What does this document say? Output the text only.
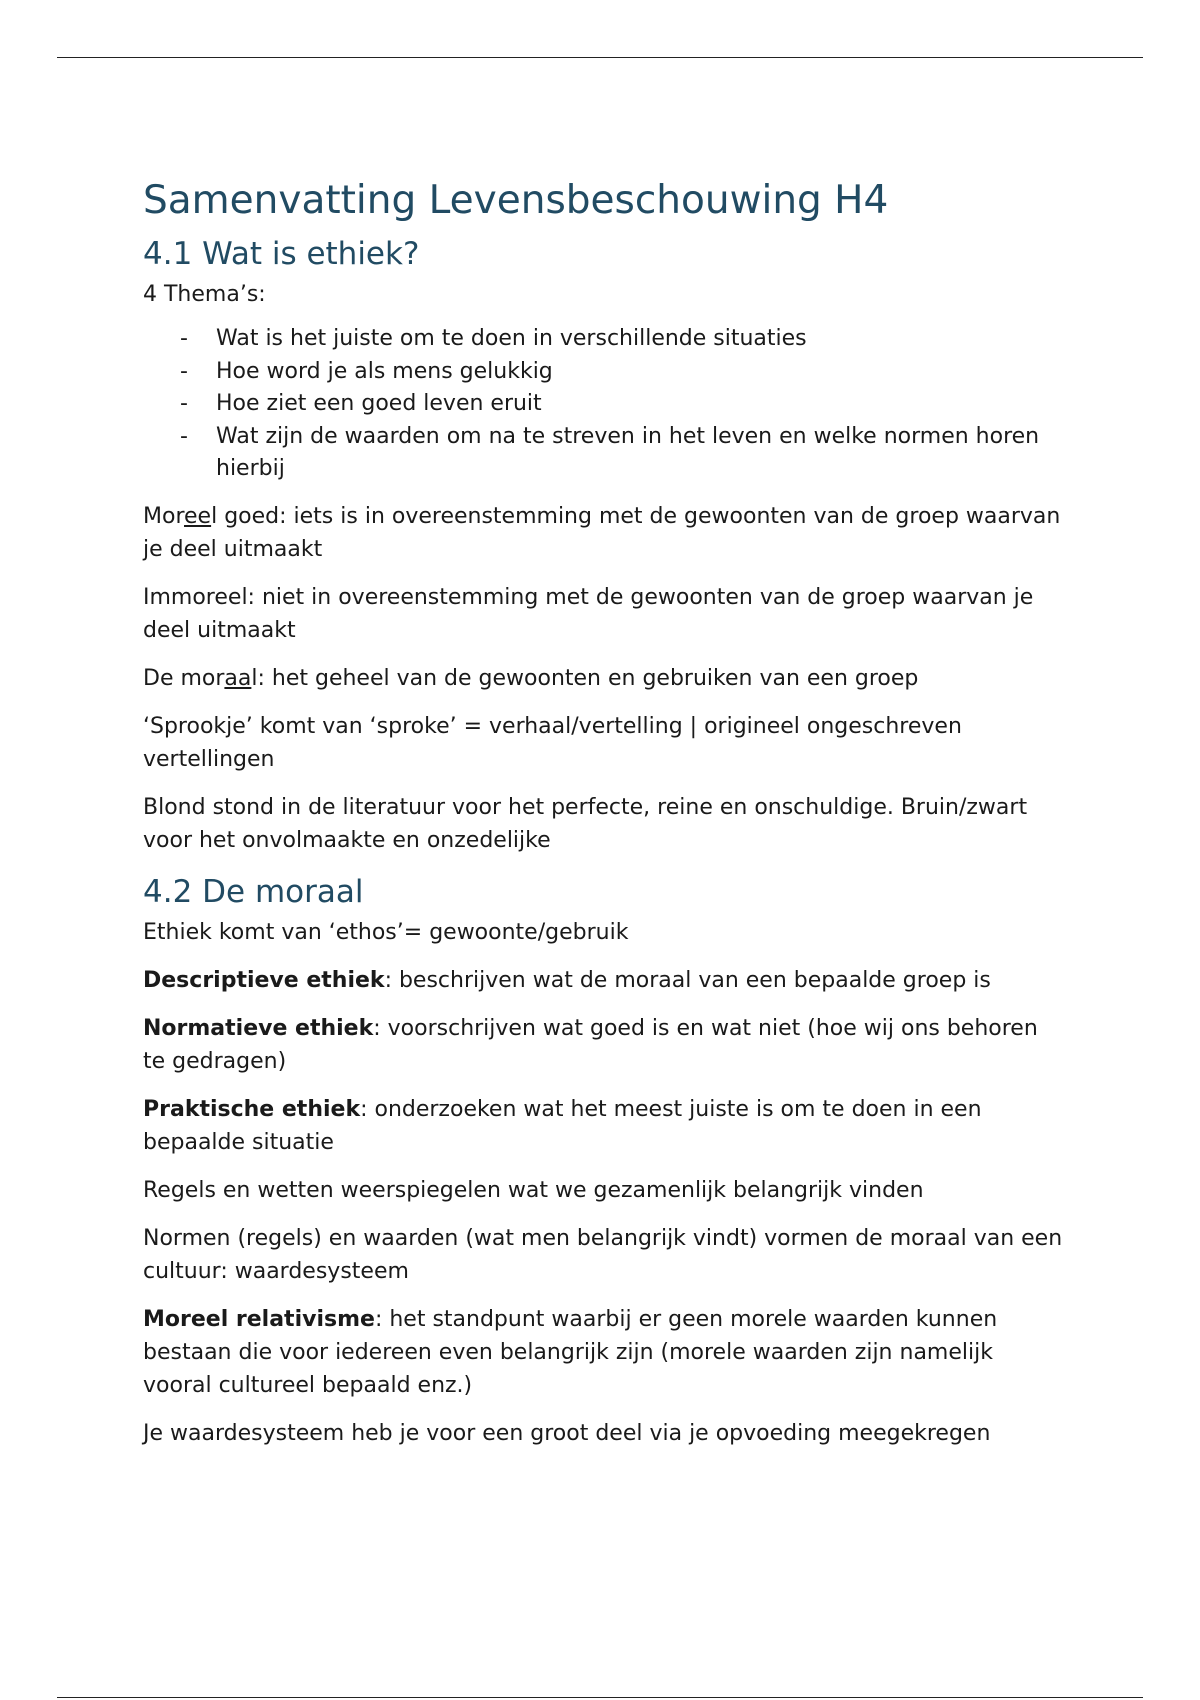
Samenvatting Levensbeschouwing H4
4.1 Wat is ethiek?

4 Thema’s:

- Wat is het juiste om te doen in verschillende situaties
- Hoe word je als mens gelukkig
- Hoe ziet een goed leven eruit
- Wat zijn de waarden om na te streven in het leven en welke normen horen hierbij

Moreel goed: iets is in overeenstemming met de gewoonten van de groep waarvan je deel uitmaakt

Immoreel: niet in overeenstemming met de gewoonten van de groep waarvan je deel uitmaakt

De moraal: het geheel van de gewoonten en gebruiken van een groep

‘Sprookje’ komt van ‘sproke’ = verhaal/vertelling | origineel ongeschreven vertellingen

Blond stond in de literatuur voor het perfecte, reine en onschuldige. Bruin/zwart voor het onvolmaakte en onzedelijke

4.2 De moraal

Ethiek komt van ‘ethos’= gewoonte/gebruik

Descriptieve ethiek: beschrijven wat de moraal van een bepaalde groep is

Normatieve ethiek: voorschrijven wat goed is en wat niet (hoe wij ons behoren te gedragen)

Praktische ethiek: onderzoeken wat het meest juiste is om te doen in een bepaalde situatie

Regels en wetten weerspiegelen wat we gezamenlijk belangrijk vinden

Normen (regels) en waarden (wat men belangrijk vindt) vormen de moraal van een cultuur: waardesysteem

Moreel relativisme: het standpunt waarbij er geen morele waarden kunnen bestaan die voor iedereen even belangrijk zijn (morele waarden zijn namelijk vooral cultureel bepaald enz.)

Je waardesysteem heb je voor een groot deel via je opvoeding meegekregen
